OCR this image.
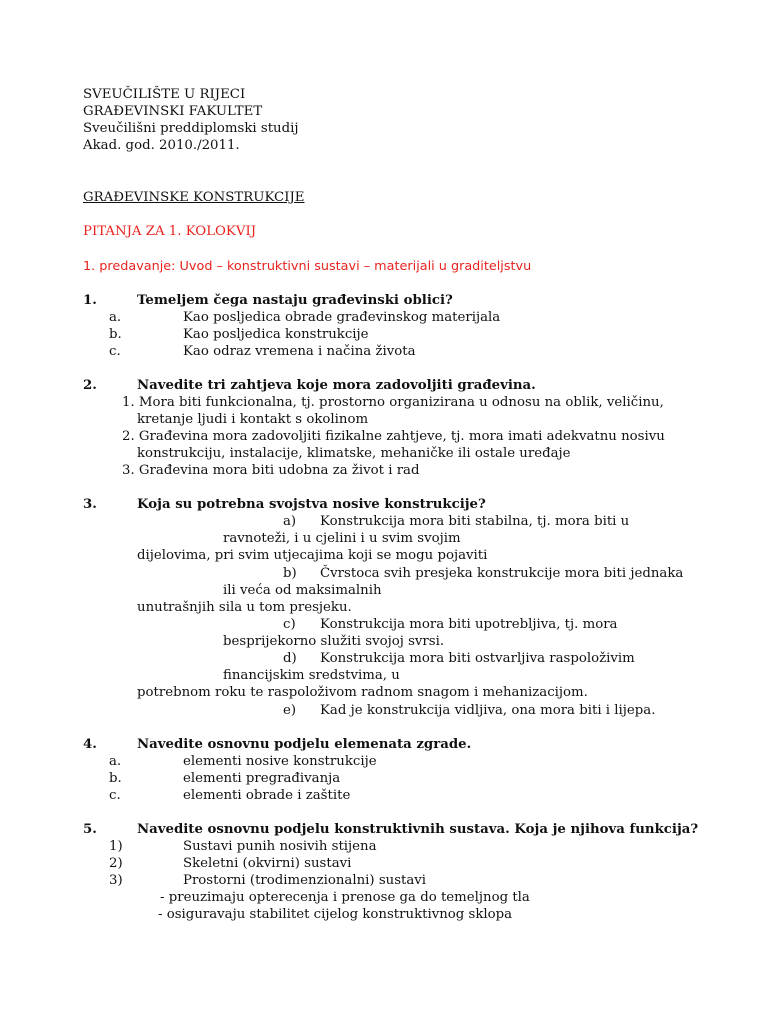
SVEUČILIŠTE U RIJECI
GRAĐEVINSKI FAKULTET
Sveučilišni preddiplomski studij
Akad. god. 2010./2011.
GRAĐEVINSKE KONSTRUKCIJE
PITANJA ZA 1. KOLOKVIJ
1. predavanje: Uvod – konstruktivni sustavi – materijali u graditeljstvu
1.	Temeljem čega nastaju građevinski oblici?
a.	Kao posljedica obrade građevinskog materijala
b.	Kao posljedica konstrukcije
c.	Kao odraz vremena i načina života
2.	Navedite tri zahtjeva koje mora zadovoljiti građevina.
1. Mora biti funkcionalna, tj. prostorno organizirana u odnosu na oblik, veličinu,
kretanje ljudi i kontakt s okolinom
2. Građevina mora zadovoljiti fizikalne zahtjeve, tj. mora imati adekvatnu nosivu
konstrukciju, instalacije, klimatske, mehaničke ili ostale uređaje
3. Građevina mora biti udobna za život i rad
3.	Koja su potrebna svojstva nosive konstrukcije?
a) Konstrukcija mora biti stabilna, tj. mora biti u
ravnoteži, i u cjelini i u svim svojim
dijelovima, pri svim utjecajima koji se mogu pojaviti
b) Čvrstoca svih presjeka konstrukcije mora biti jednaka
ili veća od maksimalnih
unutrašnjih sila u tom presjeku.
c) Konstrukcija mora biti upotrebljiva, tj. mora
besprijekorno služiti svojoj svrsi.
d) Konstrukcija mora biti ostvarljiva raspoloživim
financijskim sredstvima, u
potrebnom roku te raspoloživom radnom snagom i mehanizacijom.
e) Kad je konstrukcija vidljiva, ona mora biti i lijepa.
4.	Navedite osnovnu podjelu elemenata zgrade.
a.	elementi nosive konstrukcije
b.	elementi pregrađivanja
c.	elementi obrade i zaštite
5.	Navedite osnovnu podjelu konstruktivnih sustava. Koja je njihova funkcija?
1)	Sustavi punih nosivih stijena
2)	Skeletni (okvirni) sustavi
3)	Prostorni (trodimenzionalni) sustavi
- preuzimaju opterecenja i prenose ga do temeljnog tla
- osiguravaju stabilitet cijelog konstruktivnog sklopa
